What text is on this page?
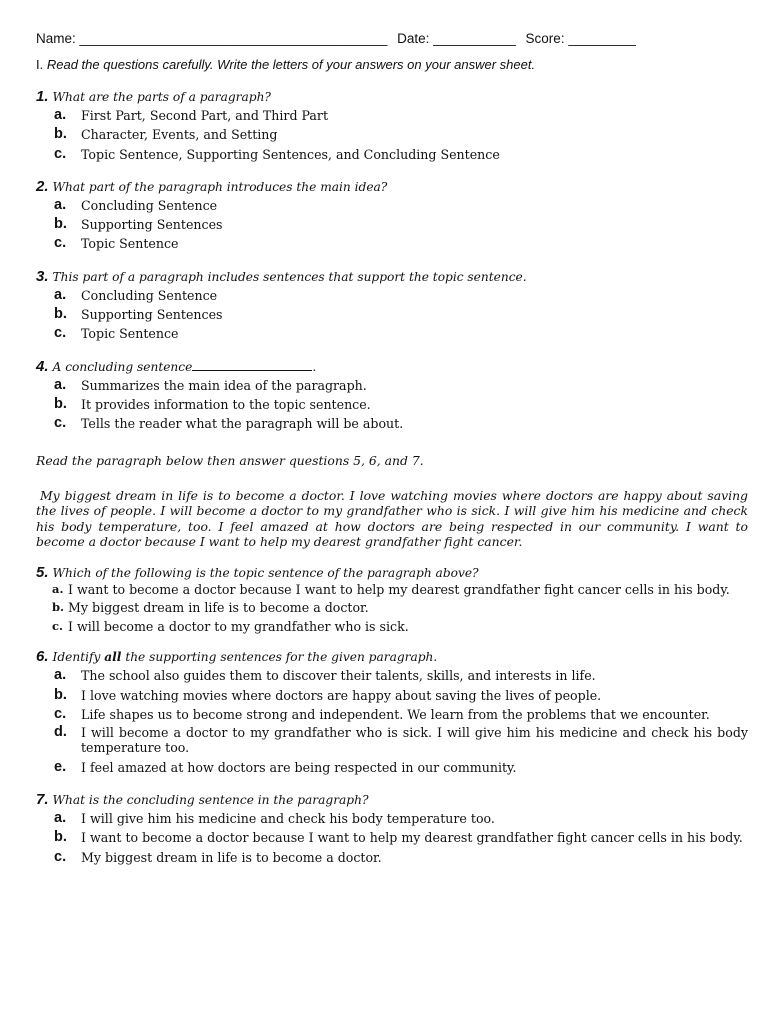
Name: _________________________________________ Date: ___________ Score: _________
I. Read the questions carefully. Write the letters of your answers on your answer sheet.
1. What are the parts of a paragraph?
a.	First Part, Second Part, and Third Part
b.	Character, Events, and Setting
c.	Topic Sentence, Supporting Sentences, and Concluding Sentence
2. What part of the paragraph introduces the main idea?
a.	Concluding Sentence
b.	Supporting Sentences
c.	Topic Sentence
3. This part of a paragraph includes sentences that support the topic sentence.
a.	Concluding Sentence
b.	Supporting Sentences
c.	Topic Sentence
4. A concluding sentence	.
a.	Summarizes the main idea of the paragraph.
b.	It provides information to the topic sentence.
c.	Tells the reader what the paragraph will be about.
Read the paragraph below then answer questions 5, 6, and 7.
My biggest dream in life is to become a doctor. I love watching movies where doctors are happy about saving the lives of people. I will become a doctor to my grandfather who is sick. I will give him his medicine and check his body temperature, too. I feel amazed at how doctors are being respected in our community. I want to become a doctor because I want to help my dearest grandfather fight cancer.
5. Which of the following is the topic sentence of the paragraph above?
a. I want to become a doctor because I want to help my dearest grandfather fight cancer cells in his body.
b. My biggest dream in life is to become a doctor.
c. I will become a doctor to my grandfather who is sick.
6. Identify all the supporting sentences for the given paragraph.
a.	The school also guides them to discover their talents, skills, and interests in life.
b.	I love watching movies where doctors are happy about saving the lives of people.
c.	Life shapes us to become strong and independent. We learn from the problems that we encounter.
d.	I will become a doctor to my grandfather who is sick. I will give him his medicine and check his body temperature too.
e.	I feel amazed at how doctors are being respected in our community.
7. What is the concluding sentence in the paragraph?
a.	I will give him his medicine and check his body temperature too.
b.	I want to become a doctor because I want to help my dearest grandfather fight cancer cells in his body.
c.	My biggest dream in life is to become a doctor.
